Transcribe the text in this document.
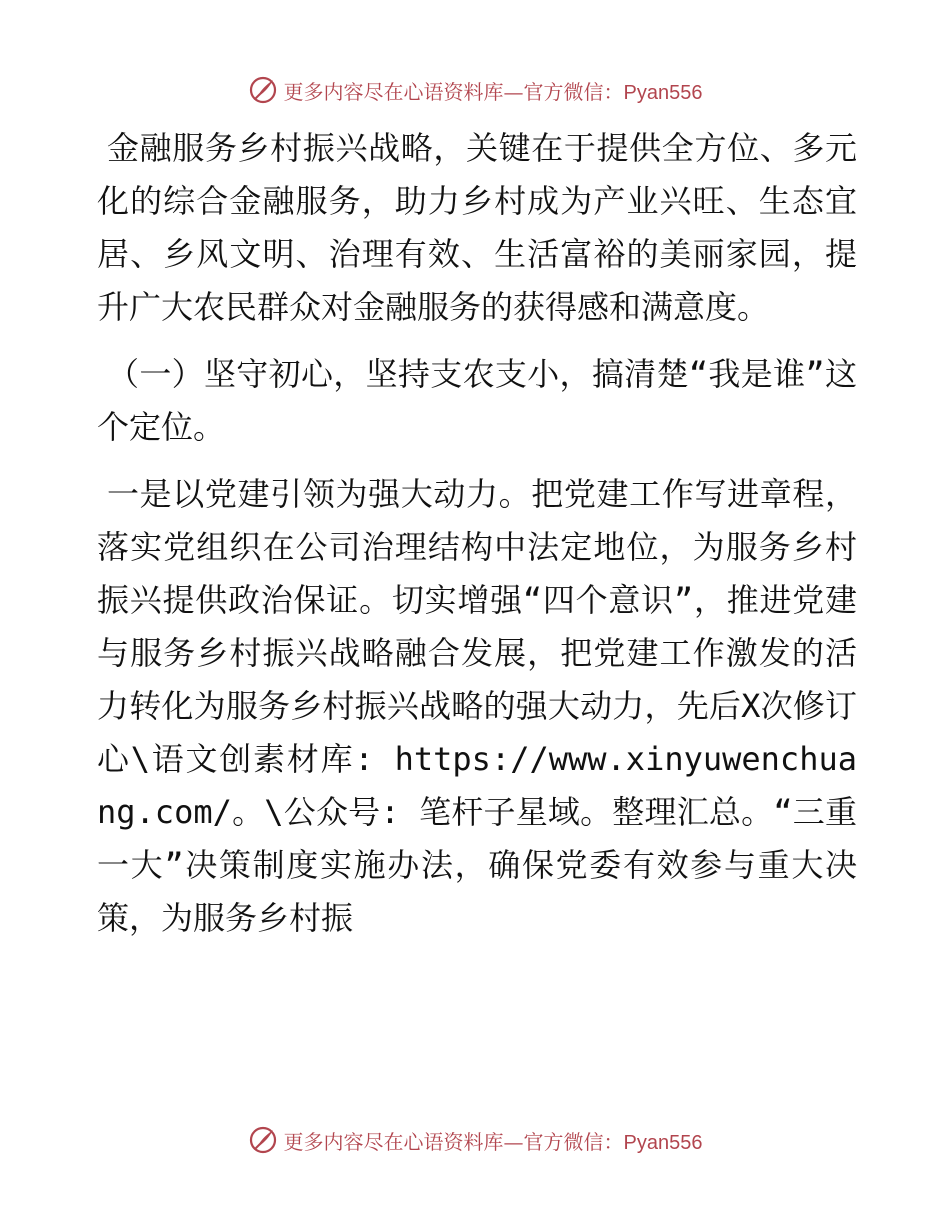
更多内容尽在心语资料库—官方微信：Pyan556

金融服务乡村振兴战略，关键在于提供全方位、多元化的综合金融服务，助力乡村成为产业兴旺、生态宜居、乡风文明、治理有效、生活富裕的美丽家园，提升广大农民群众对金融服务的获得感和满意度。

（一）坚守初心，坚持支农支小，搞清楚“我是谁”这个定位。

一是以党建引领为强大动力。把党建工作写进章程，落实党组织在公司治理结构中法定地位，为服务乡村振兴提供政治保证。切实增强“四个意识”，推进党建与服务乡村振兴战略融合发展，把党建工作激发的活力转化为服务乡村振兴战略的强大动力，先后X次修订心\语文创素材库: https://www.xinyuwenchuang.com/。\公众号: 笔杆子星域。整理汇总。“三重一大”决策制度实施办法，确保党委有效参与重大决策，为服务乡村振

更多内容尽在心语资料库—官方微信：Pyan556
